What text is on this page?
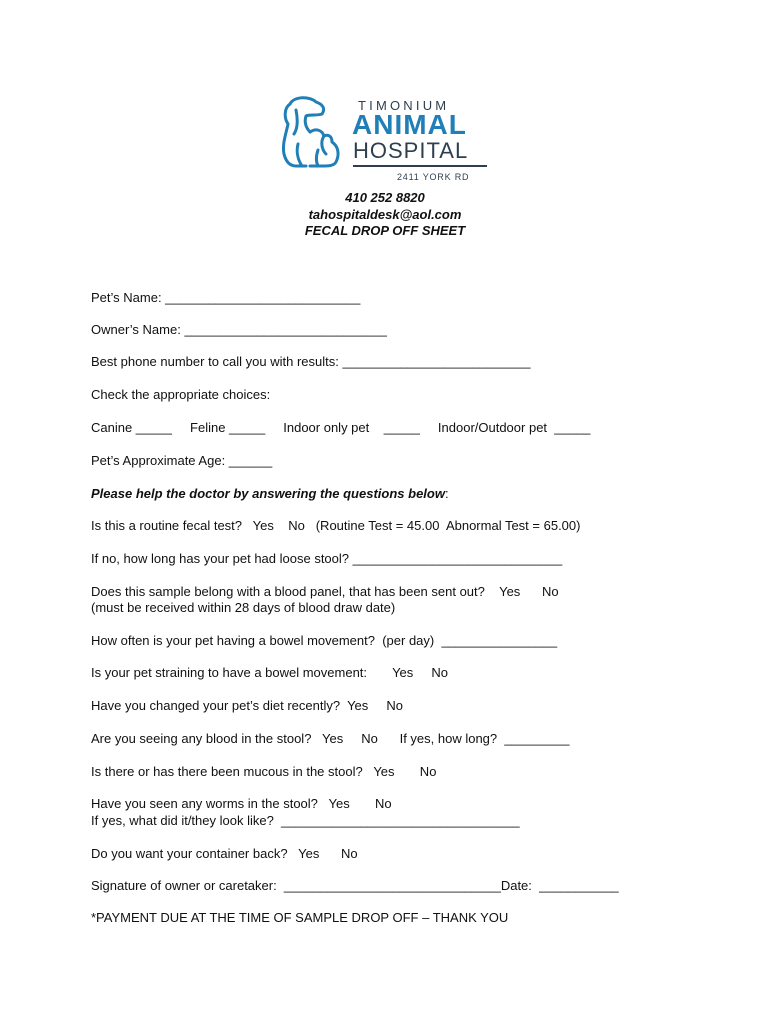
TIMONIUM
ANIMAL
HOSPITAL
2411 YORK RD
410 252 8820
tahospitaldesk@aol.com
FECAL DROP OFF SHEET
Pet’s Name: ___________________________
Owner’s Name: ____________________________
Best phone number to call you with results: __________________________
Check the appropriate choices:
Canine _____     Feline _____     Indoor only pet    _____     Indoor/Outdoor pet  _____
Pet’s Approximate Age: ______
Please help the doctor by answering the questions below:
Is this a routine fecal test?   Yes    No   (Routine Test = 45.00  Abnormal Test = 65.00)
If no, how long has your pet had loose stool? _____________________________
Does this sample belong with a blood panel, that has been sent out?    Yes      No
(must be received within 28 days of blood draw date)
How often is your pet having a bowel movement?  (per day)  ________________
Is your pet straining to have a bowel movement:       Yes     No
Have you changed your pet’s diet recently?  Yes     No
Are you seeing any blood in the stool?   Yes     No      If yes, how long?  _________
Is there or has there been mucous in the stool?   Yes       No
Have you seen any worms in the stool?   Yes       No
If yes, what did it/they look like?  _________________________________
Do you want your container back?   Yes      No
Signature of owner or caretaker:  ______________________________Date:  ___________
*PAYMENT DUE AT THE TIME OF SAMPLE DROP OFF – THANK YOU
